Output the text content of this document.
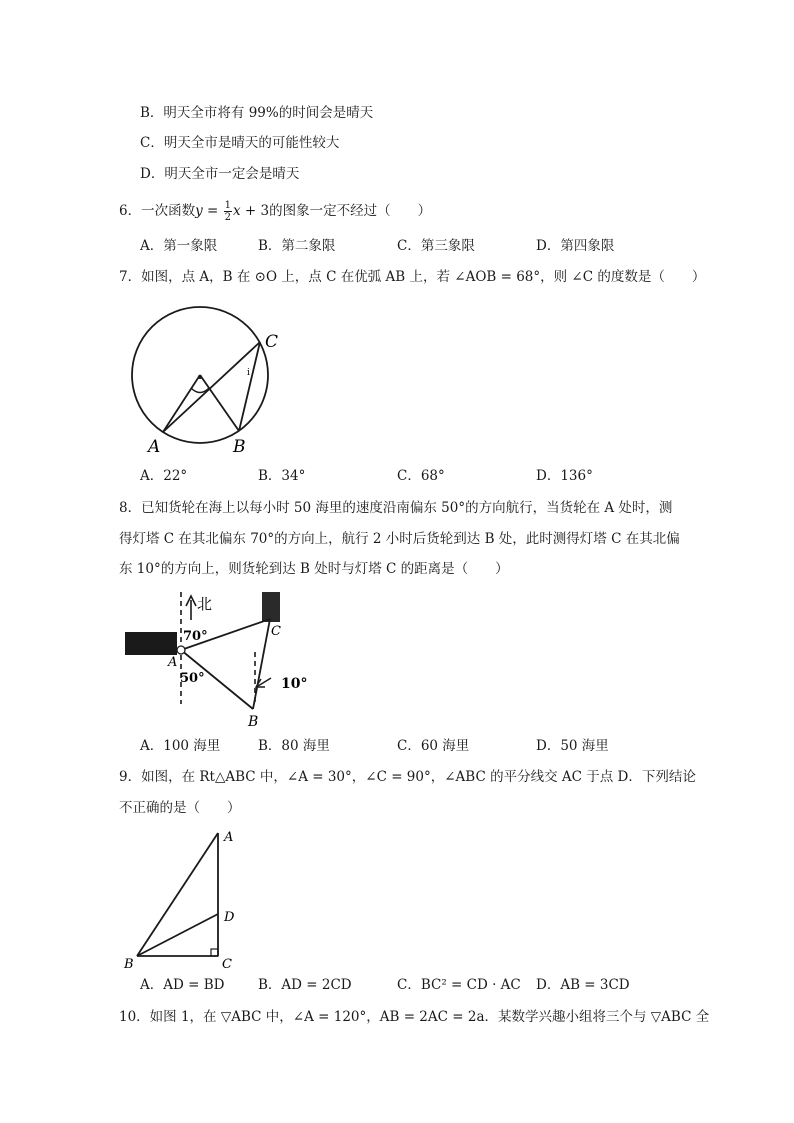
B．明天全市将有 99%的时间会是晴天
C．明天全市是晴天的可能性较大
D．明天全市一定会是晴天
6．一次函数$y = \frac{1}{2}$ x + 3的图象一定不经过（　　）
A．第一象限	B．第二象限	C．第三象限	D．第四象限
7．如图，点 A，B 在 ⊙O 上，点 C 在优弧 AB 上，若 ∠AOB = 68°，则 ∠C 的度数是（　　）
ⅰ
A	B
C
A．22°	B．34°	C．68°	D．136°
8．已知货轮在海上以每小时 50 海里的速度沿南偏东 50°的方向航行，当货轮在 A 处时，测
得灯塔 C 在其北偏东 70°的方向上，航行 2 小时后货轮到达 B 处，此时测得灯塔 C 在其北偏
东 10°的方向上，则货轮到达 B 处时与灯塔 C 的距离是（　　）
北
70°
50°	10°
A
B
C
A．100 海里	B．80 海里	C．60 海里	D．50 海里
9．如图，在 Rt△ABC 中，∠A = 30°，∠C = 90°，∠ABC 的平分线交 AC 于点 D．下列结论
不正确的是（　　）
A
D
B	C
A．AD = BD B．AD = 2CD	C．BC² = CD · AC D．AB = 3CD
10．如图 1，在 ▽ABC 中，∠A = 120°，AB = 2AC = 2a．某数学兴趣小组将三个与 ▽ABC 全
